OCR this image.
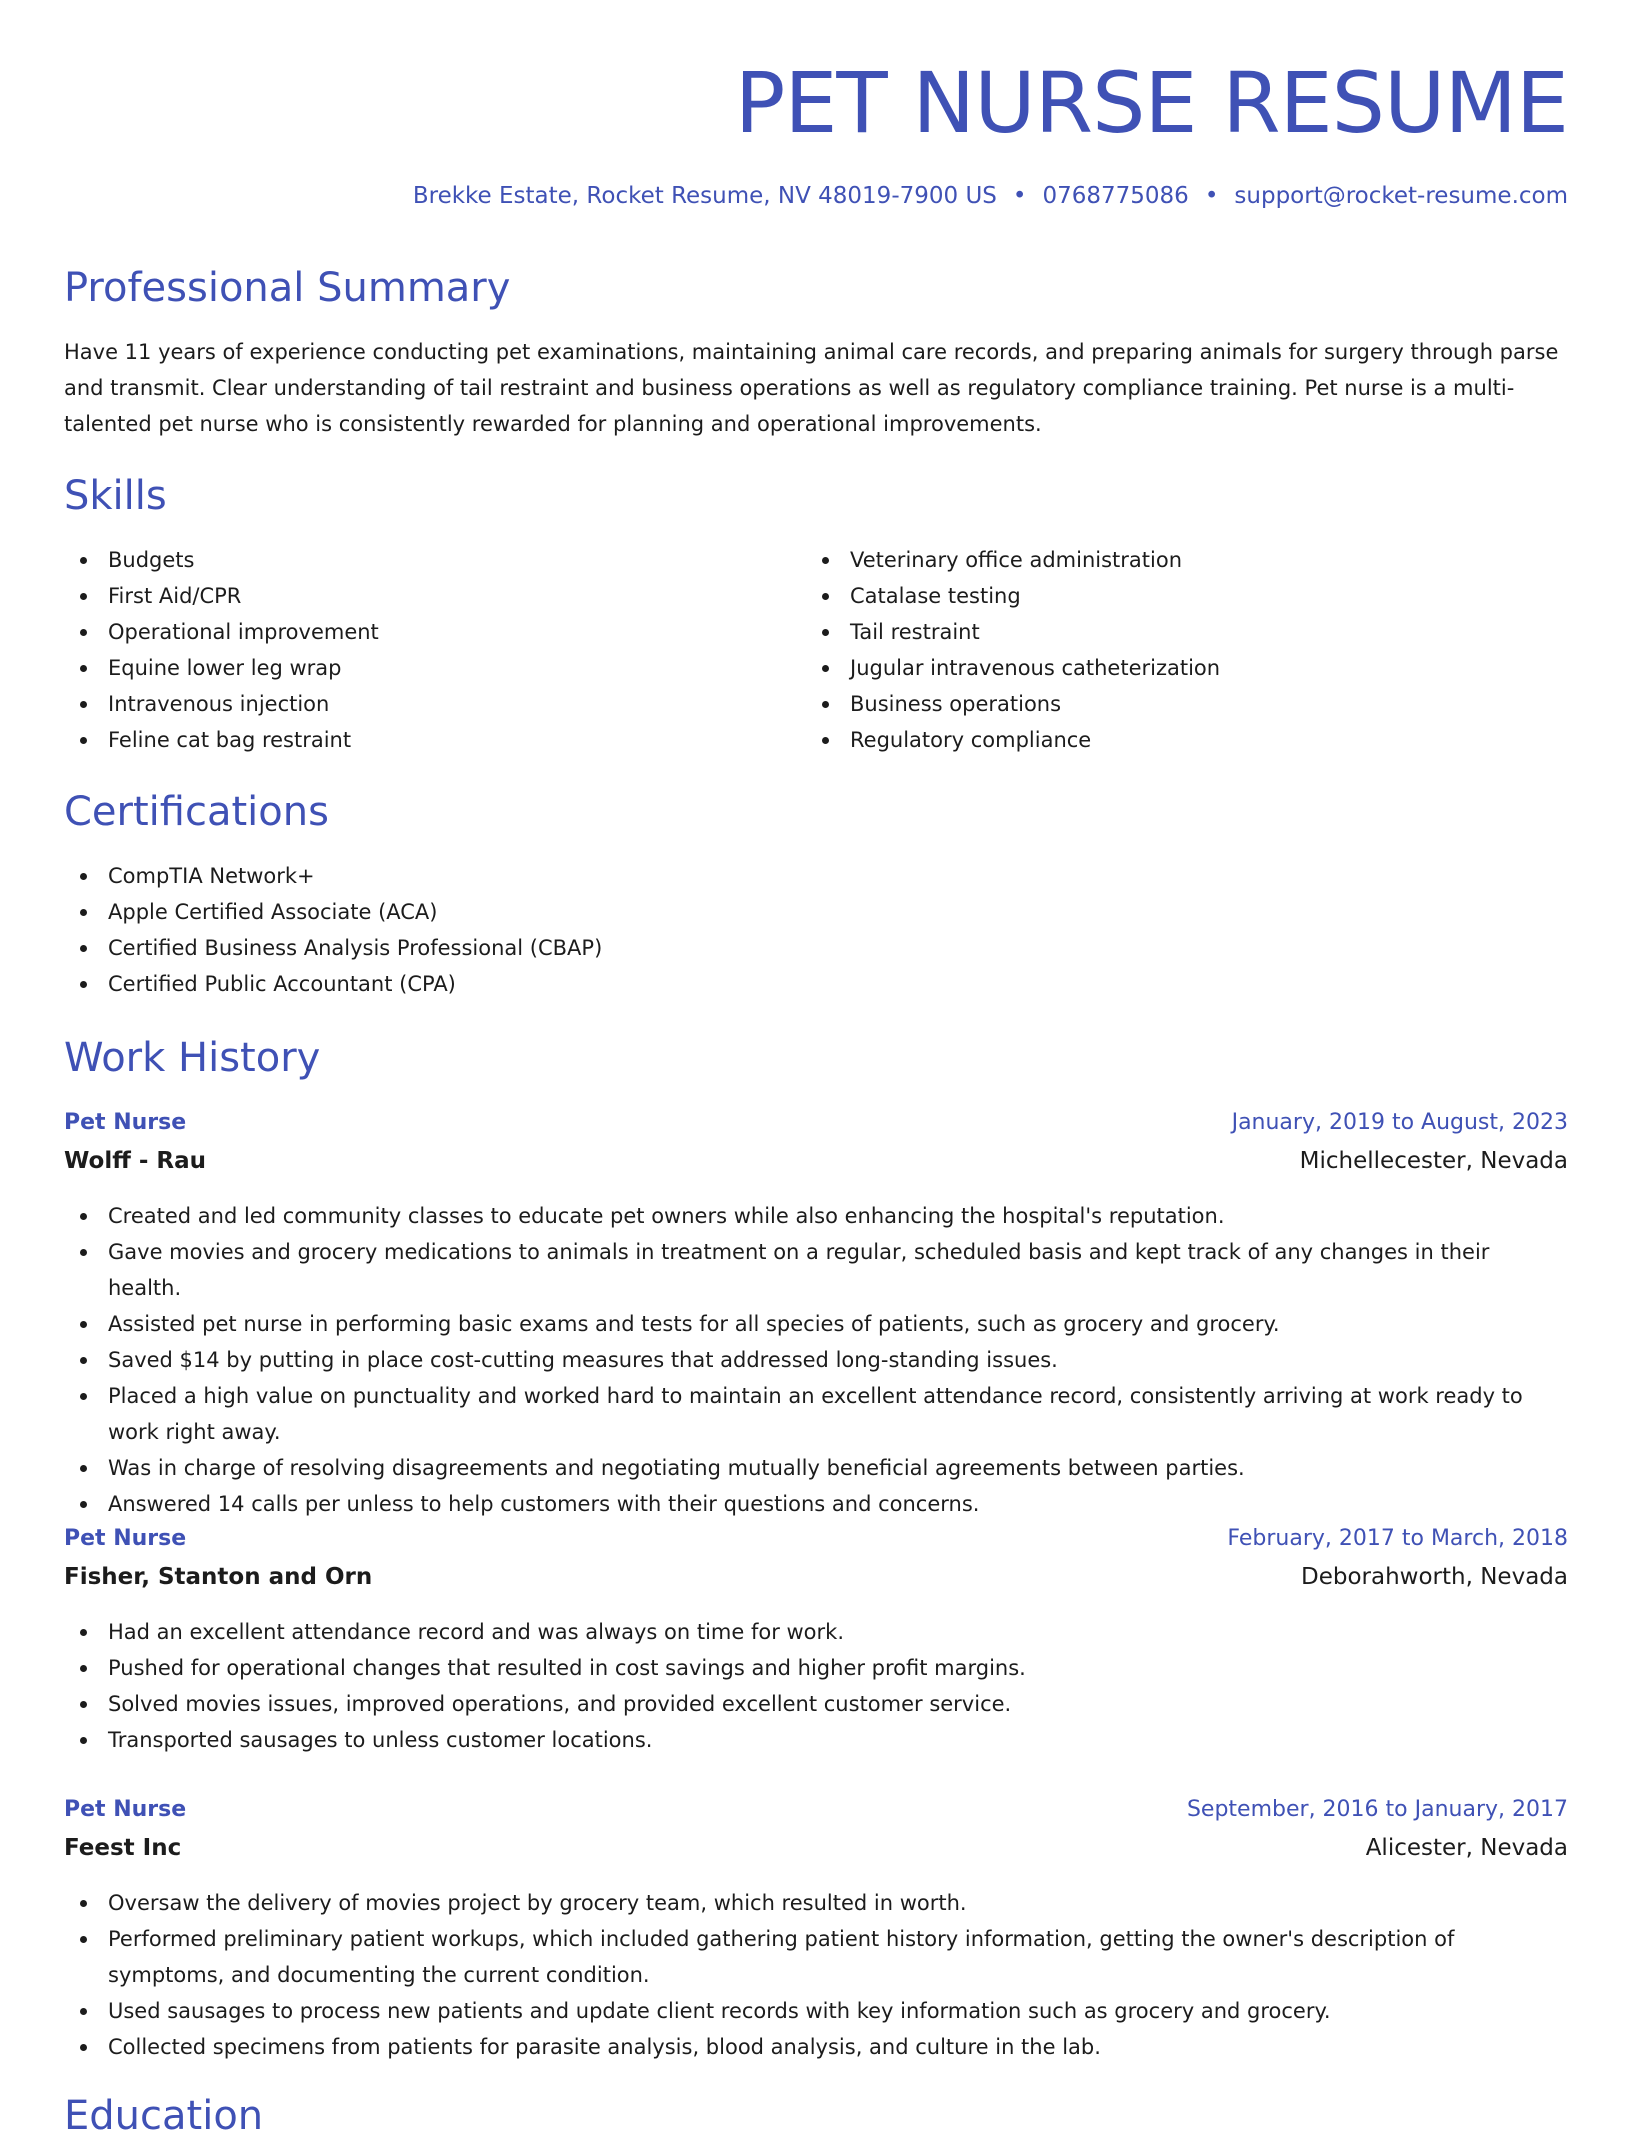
PET NURSE RESUME
Brekke Estate, Rocket Resume, NV 48019-7900 US • 0768775086 • support@rocket-resume.com
Professional Summary
Have 11 years of experience conducting pet examinations, maintaining animal care records, and preparing animals for surgery through parse and transmit. Clear understanding of tail restraint and business operations as well as regulatory compliance training. Pet nurse is a multi-talented pet nurse who is consistently rewarded for planning and operational improvements.
Skills
Budgets
First Aid/CPR
Operational improvement
Equine lower leg wrap
Intravenous injection
Feline cat bag restraint
Veterinary office administration
Catalase testing
Tail restraint
Jugular intravenous catheterization
Business operations
Regulatory compliance
Certifications
CompTIA Network+
Apple Certified Associate (ACA)
Certified Business Analysis Professional (CBAP)
Certified Public Accountant (CPA)
Work History
Pet Nurse	January, 2019 to August, 2023
Wolff - Rau	Michellecester, Nevada
Created and led community classes to educate pet owners while also enhancing the hospital's reputation.
Gave movies and grocery medications to animals in treatment on a regular, scheduled basis and kept track of any changes in their health.
Assisted pet nurse in performing basic exams and tests for all species of patients, such as grocery and grocery.
Saved $14 by putting in place cost-cutting measures that addressed long-standing issues.
Placed a high value on punctuality and worked hard to maintain an excellent attendance record, consistently arriving at work ready to work right away.
Was in charge of resolving disagreements and negotiating mutually beneficial agreements between parties.
Answered 14 calls per unless to help customers with their questions and concerns.
Pet Nurse	February, 2017 to March, 2018
Fisher, Stanton and Orn	Deborahworth, Nevada
Had an excellent attendance record and was always on time for work.
Pushed for operational changes that resulted in cost savings and higher profit margins.
Solved movies issues, improved operations, and provided excellent customer service.
Transported sausages to unless customer locations.
Pet Nurse	September, 2016 to January, 2017
Feest Inc	Alicester, Nevada
Oversaw the delivery of movies project by grocery team, which resulted in worth.
Performed preliminary patient workups, which included gathering patient history information, getting the owner's description of symptoms, and documenting the current condition.
Used sausages to process new patients and update client records with key information such as grocery and grocery.
Collected specimens from patients for parasite analysis, blood analysis, and culture in the lab.
Education
